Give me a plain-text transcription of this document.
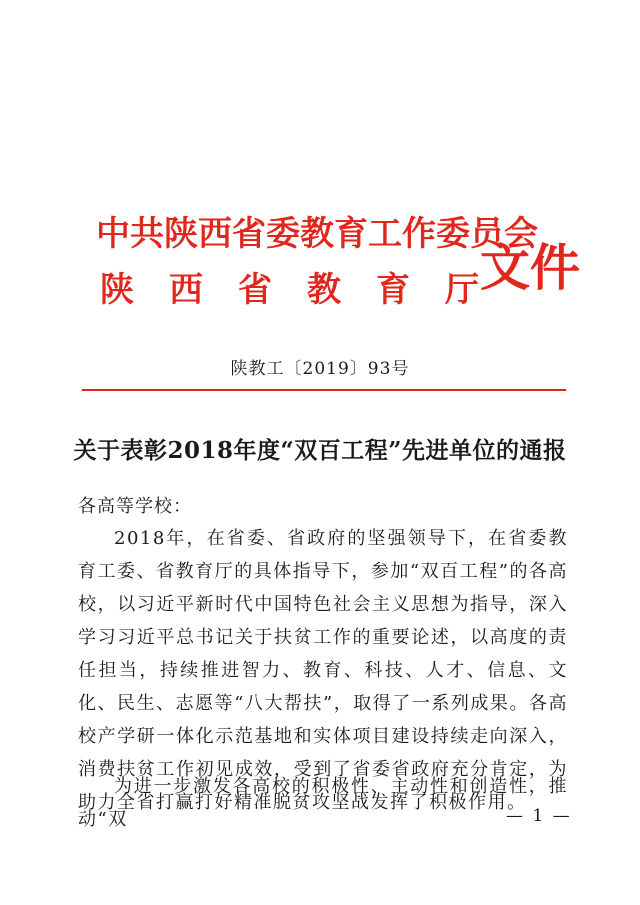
中共陕西省委教育工作委员会
陕西省教育厅
文件
陕教工〔2019〕93号
关于表彰2018年度“双百工程”先进单位的通报
各高等学校：
2018年，在省委、省政府的坚强领导下，在省委教育工委、省教育厅的具体指导下，参加“双百工程”的各高校，以习近平新时代中国特色社会主义思想为指导，深入学习习近平总书记关于扶贫工作的重要论述，以高度的责任担当，持续推进智力、教育、科技、人才、信息、文化、民生、志愿等“八大帮扶”，取得了一系列成果。各高校产学研一体化示范基地和实体项目建设持续走向深入，消费扶贫工作初见成效，受到了省委省政府充分肯定，为助力全省打赢打好精准脱贫攻坚战发挥了积极作用。
为进一步激发各高校的积极性、主动性和创造性，推动“双	— 1 —
